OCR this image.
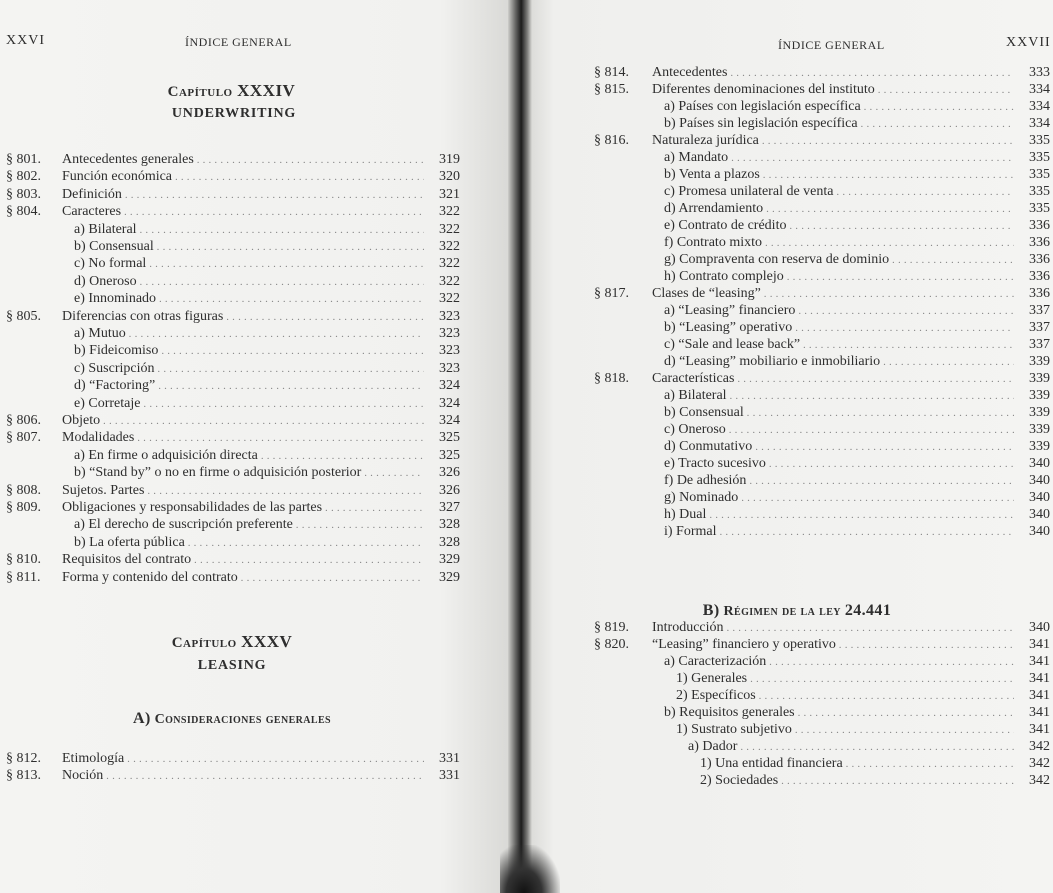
XXVI	ÍNDICE GENERAL
Capítulo XXXIV
UNDERWRITING
§ 801. Antecedentes generales . . .	319
§ 802. Función económica . . .	320
§ 803. Definición . . .	321
§ 804. Caracteres . . .	322
a) Bilateral . . .	322
b) Consensual . . .	322
c) No formal . . .	322
d) Oneroso . . .	322
e) Innominado . . .	322
§ 805. Diferencias con otras figuras . . .	323
a) Mutuo . . .	323
b) Fideicomiso . . .	323
c) Suscripción . . .	323
d) “Factoring” . . .	324
e) Corretaje . . .	324
§ 806. Objeto . . .	324
§ 807. Modalidades . . .	325
a) En firme o adquisición directa . . .	325
b) “Stand by” o no en firme o adquisición posterior . . .	326
§ 808. Sujetos. Partes . . .	326
§ 809. Obligaciones y responsabilidades de las partes . . .	327
a) El derecho de suscripción preferente . . .	328
b) La oferta pública . . .	328
§ 810. Requisitos del contrato . . .	329
§ 811. Forma y contenido del contrato . . .	329
Capítulo XXXV
LEASING
A) Consideraciones generales
§ 812. Etimología . . .	331
§ 813. Noción . . .	331
ÍNDICE GENERAL	XXVII
§ 814. Antecedentes . . .	333
§ 815. Diferentes denominaciones del instituto . . .	334
a) Países con legislación específica . . .	334
b) Países sin legislación específica . . .	334
§ 816. Naturaleza jurídica . . .	335
a) Mandato . . .	335
b) Venta a plazos . . .	335
c) Promesa unilateral de venta . . .	335
d) Arrendamiento . . .	335
e) Contrato de crédito . . .	336
f) Contrato mixto . . .	336
g) Compraventa con reserva de dominio . . .	336
h) Contrato complejo . . .	336
§ 817. Clases de “leasing” . . .	336
a) “Leasing” financiero . . .	337
b) “Leasing” operativo . . .	337
c) “Sale and lease back” . . .	337
d) “Leasing” mobiliario e inmobiliario . . .	339
§ 818. Características . . .	339
a) Bilateral . . .	339
b) Consensual . . .	339
c) Oneroso . . .	339
d) Conmutativo . . .	339
e) Tracto sucesivo . . .	340
f) De adhesión . . .	340
g) Nominado . . .	340
h) Dual . . .	340
i) Formal . . .	340
B) Régimen de la ley 24.441
§ 819. Introducción . . .	340
§ 820. “Leasing” financiero y operativo . . .	341
a) Caracterización . . .	341
1) Generales . . .	341
2) Específicos . . .	341
b) Requisitos generales . . .	341
1) Sustrato subjetivo . . .	341
a) Dador . . .	342
1) Una entidad financiera . . .	342
2) Sociedades . . .	342
